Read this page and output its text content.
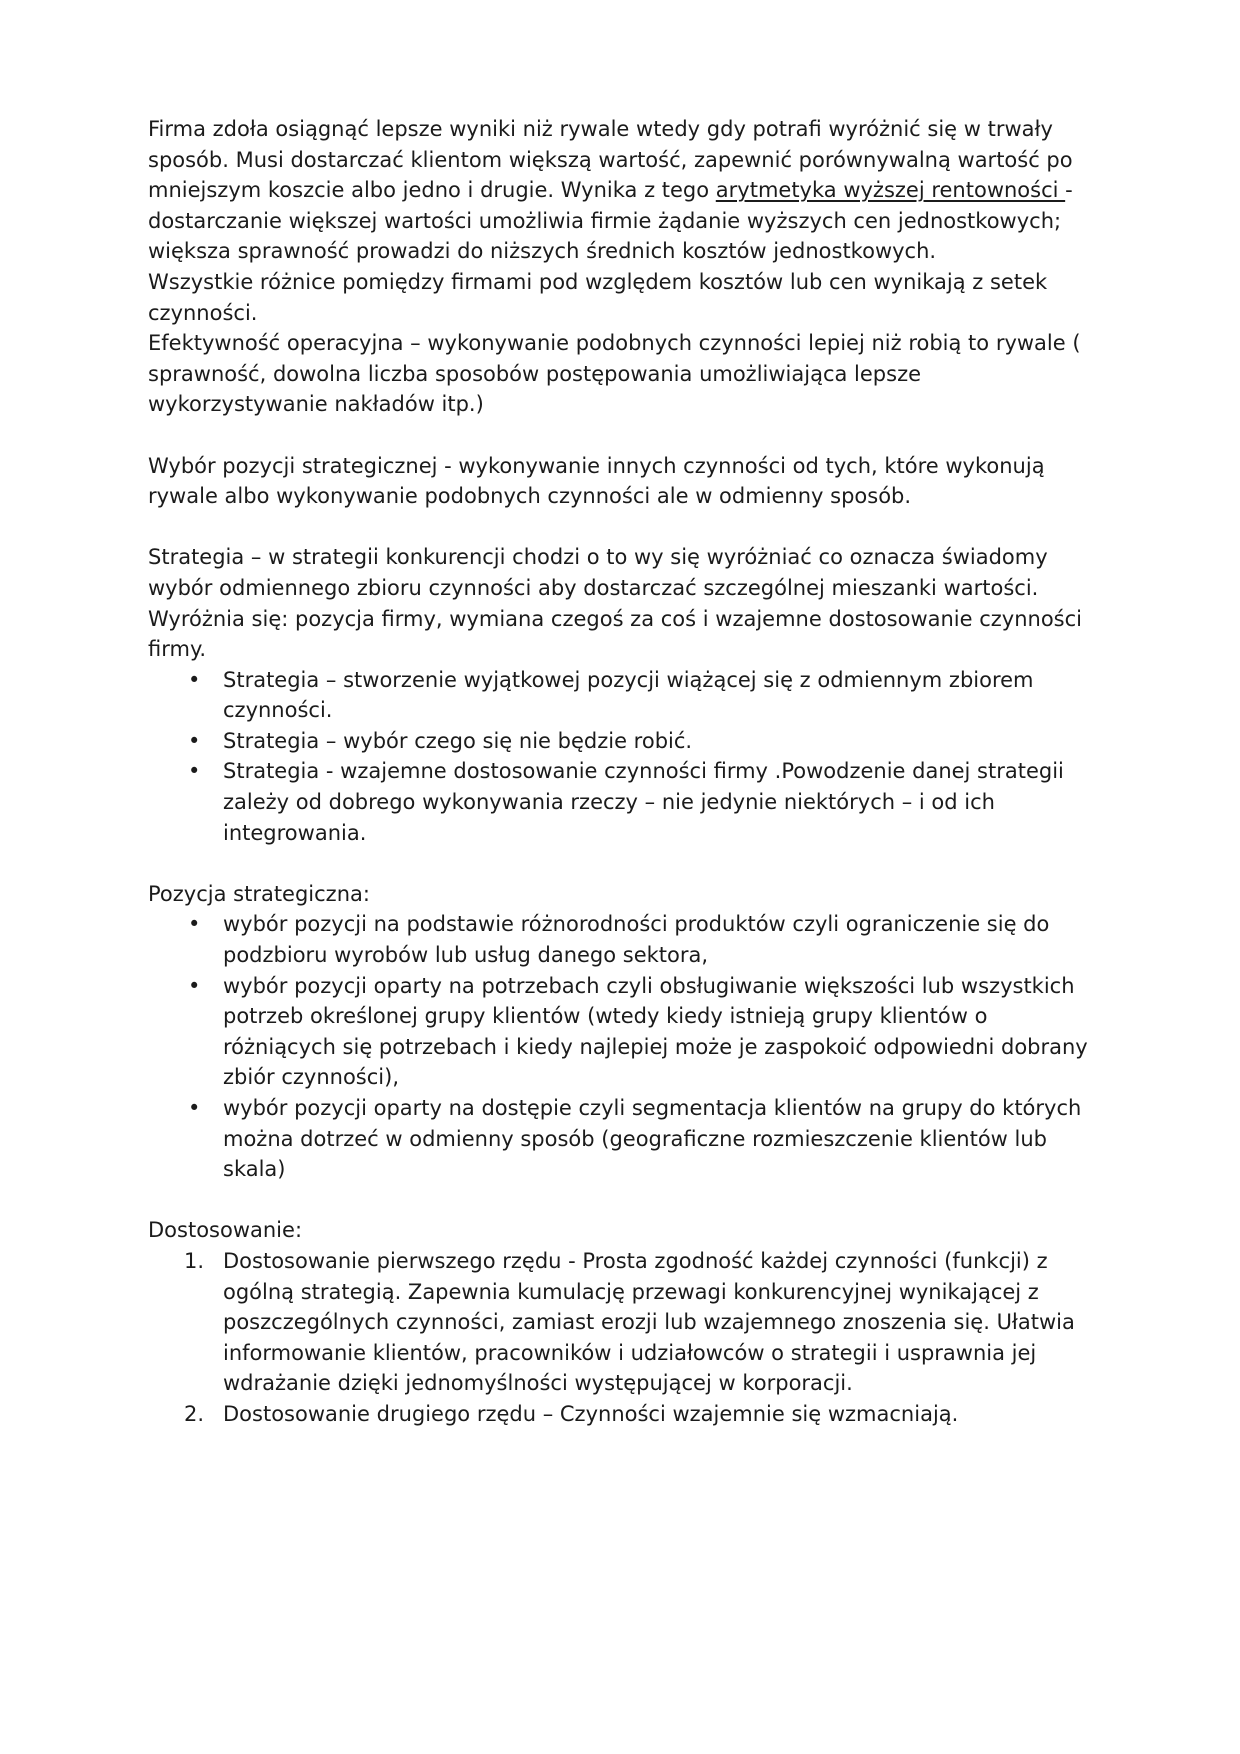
Firma zdoła osiągnąć lepsze wyniki niż rywale wtedy gdy potrafi wyróżnić się w trwały sposób. Musi dostarczać klientom większą wartość, zapewnić porównywalną wartość po mniejszym koszcie albo jedno i drugie. Wynika z tego arytmetyka wyższej rentowności - dostarczanie większej wartości umożliwia firmie żądanie wyższych cen jednostkowych; większa sprawność prowadzi do niższych średnich kosztów jednostkowych.

Wszystkie różnice pomiędzy firmami pod względem kosztów lub cen wynikają z setek czynności.

Efektywność operacyjna – wykonywanie podobnych czynności lepiej niż robią to rywale ( sprawność, dowolna liczba sposobów postępowania umożliwiająca lepsze wykorzystywanie nakładów itp.)

Wybór pozycji strategicznej - wykonywanie innych czynności od tych, które wykonują rywale albo wykonywanie podobnych czynności ale w odmienny sposób.

Strategia – w strategii konkurencji chodzi o to wy się wyróżniać co oznacza świadomy wybór odmiennego zbioru czynności aby dostarczać szczególnej mieszanki wartości. Wyróżnia się: pozycja firmy, wymiana czegoś za coś i wzajemne dostosowanie czynności firmy.

•	Strategia – stworzenie wyjątkowej pozycji wiążącej się z odmiennym zbiorem czynności.
•	Strategia – wybór czego się nie będzie robić.
•	Strategia - wzajemne dostosowanie czynności firmy .Powodzenie danej strategii zależy od dobrego wykonywania rzeczy – nie jedynie niektórych – i od ich integrowania.

Pozycja strategiczna:

•	wybór pozycji na podstawie różnorodności produktów czyli ograniczenie się do podzbioru wyrobów lub usług danego sektora,
•	wybór pozycji oparty na potrzebach czyli obsługiwanie większości lub wszystkich potrzeb określonej grupy klientów (wtedy kiedy istnieją grupy klientów o różniących się potrzebach i kiedy najlepiej może je zaspokoić odpowiedni dobrany zbiór czynności),
•	wybór pozycji oparty na dostępie czyli segmentacja klientów na grupy do których można dotrzeć w odmienny sposób (geograficzne rozmieszczenie klientów lub skala)

Dostosowanie:

1. Dostosowanie pierwszego rzędu - Prosta zgodność każdej czynności (funkcji) z ogólną strategią. Zapewnia kumulację przewagi konkurencyjnej wynikającej z poszczególnych czynności, zamiast erozji lub wzajemnego znoszenia się. Ułatwia informowanie klientów, pracowników i udziałowców o strategii i usprawnia jej wdrażanie dzięki jednomyślności występującej w korporacji.
2. Dostosowanie drugiego rzędu – Czynności wzajemnie się wzmacniają.
